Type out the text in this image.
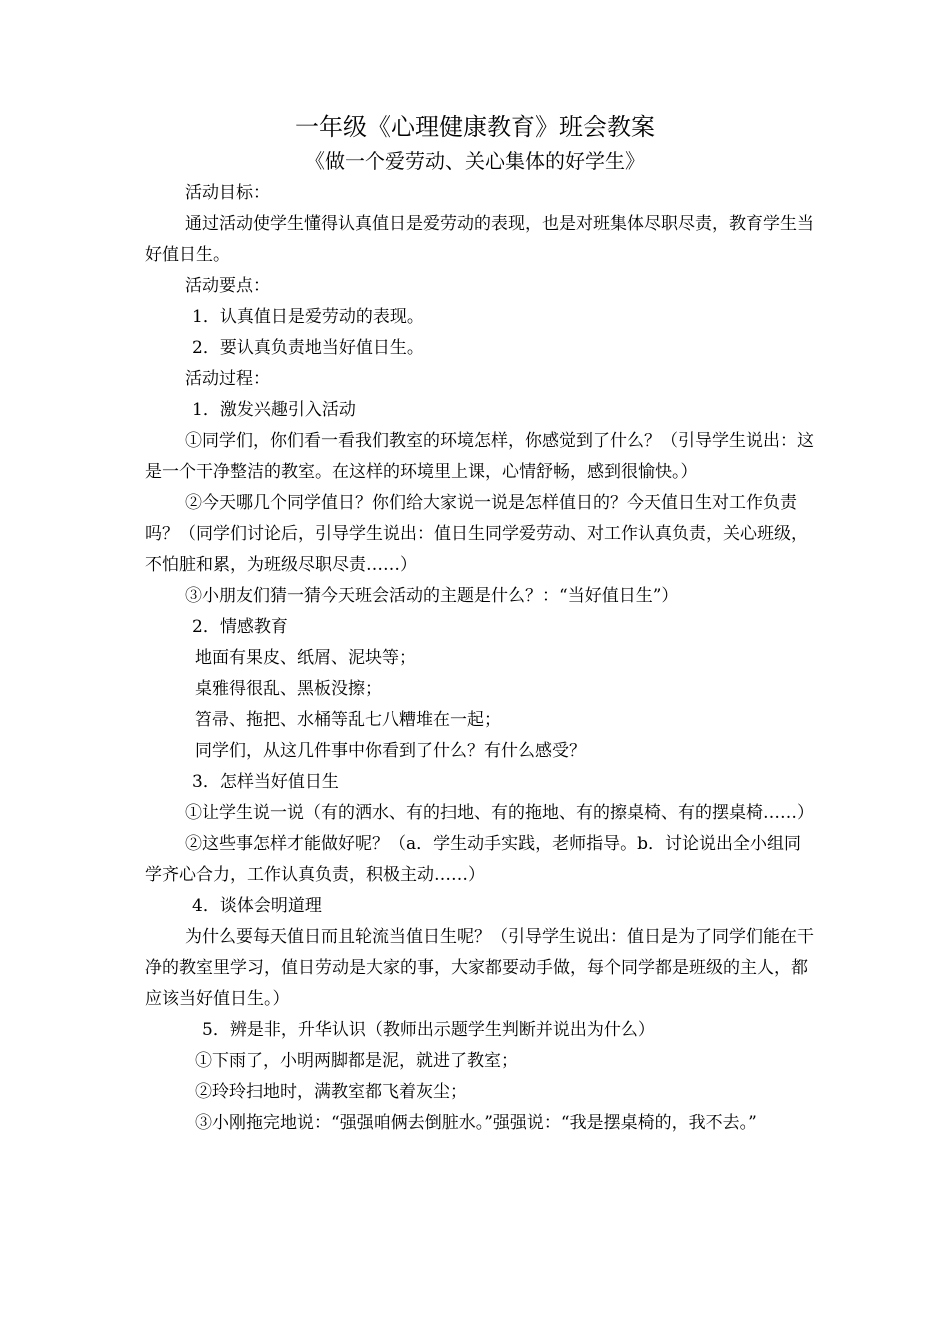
一年级《心理健康教育》班会教案
《做一个爱劳动、关心集体的好学生》

活动目标：

通过活动使学生懂得认真值日是爱劳动的表现，也是对班集体尽职尽责，教育学生当好值日生。

活动要点：

1．认真值日是爱劳动的表现。

2．要认真负责地当好值日生。

活动过程：

1．激发兴趣引入活动

①同学们，你们看一看我们教室的环境怎样，你感觉到了什么？（引导学生说出：这是一个干净整洁的教室。在这样的环境里上课，心情舒畅，感到很愉快。）

②今天哪几个同学值日？你们给大家说一说是怎样值日的？今天值日生对工作负责吗？（同学们讨论后，引导学生说出：值日生同学爱劳动、对工作认真负责，关心班级，不怕脏和累，为班级尽职尽责……）

③小朋友们猜一猜今天班会活动的主题是什么？：“当好值日生”）

2．情感教育

地面有果皮、纸屑、泥块等；

桌雅得很乱、黑板没擦；

笤帚、拖把、水桶等乱七八糟堆在一起；

同学们，从这几件事中你看到了什么？有什么感受？

3．怎样当好值日生

①让学生说一说（有的洒水、有的扫地、有的拖地、有的擦桌椅、有的摆桌椅……）

②这些事怎样才能做好呢？（a．学生动手实践，老师指导。b．讨论说出全小组同学齐心合力，工作认真负责，积极主动……）

4．谈体会明道理

为什么要每天值日而且轮流当值日生呢？（引导学生说出：值日是为了同学们能在干净的教室里学习，值日劳动是大家的事，大家都要动手做，每个同学都是班级的主人，都应该当好值日生。）

5．辨是非，升华认识（教师出示题学生判断并说出为什么）

①下雨了，小明两脚都是泥，就进了教室；

②玲玲扫地时，满教室都飞着灰尘；

③小刚拖完地说：“强强咱俩去倒脏水。”强强说：“我是摆桌椅的，我不去。”
